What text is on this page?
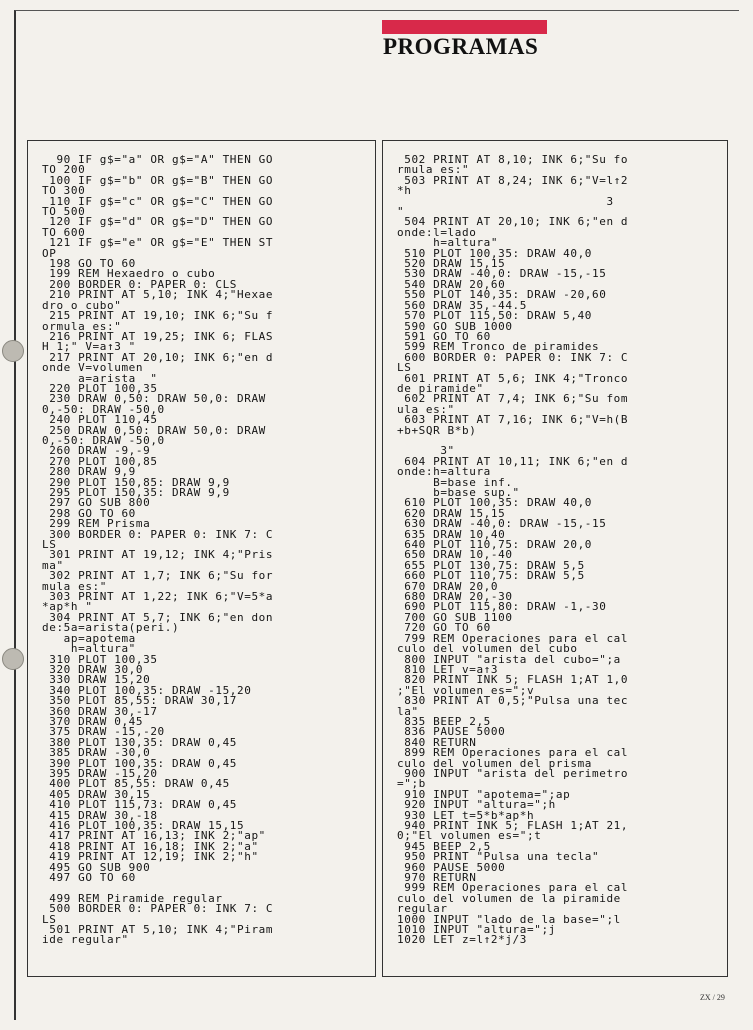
PROGRAMAS
90 IF g$="a" OR g$="A" THEN GO
TO 200
100 IF g$="b" OR g$="B" THEN GO
TO 300
110 IF g$="c" OR g$="C" THEN GO
TO 500
120 IF g$="d" OR g$="D" THEN GO
TO 600
121 IF g$="e" OR g$="E" THEN ST
OP
198 GO TO 60
199 REM Hexaedro o cubo
200 BORDER 0: PAPER 0: CLS
210 PRINT AT 5,10; INK 4;"Hexae
dro o cubo"
215 PRINT AT 19,10; INK 6;"Su f
ormula es:"
216 PRINT AT 19,25; INK 6; FLAS
H 1;" V=a↑3 "
217 PRINT AT 20,10; INK 6;"en d
onde V=volumen
a=arista  "
220 PLOT 100,35
230 DRAW 0,50: DRAW 50,0: DRAW
0,-50: DRAW -50,0
240 PLOT 110,45
250 DRAW 0,50: DRAW 50,0: DRAW
0,-50: DRAW -50,0
260 DRAW -9,-9
270 PLOT 100,85
280 DRAW 9,9
290 PLOT 150,85: DRAW 9,9
295 PLOT 150,35: DRAW 9,9
297 GO SUB 800
298 GO TO 60
299 REM Prisma
300 BORDER 0: PAPER 0: INK 7: C
LS
301 PRINT AT 19,12; INK 4;"Pris
ma"
302 PRINT AT 1,7; INK 6;"Su for
mula es:"
303 PRINT AT 1,22; INK 6;"V=5*a
*ap*h "
304 PRINT AT 5,7; INK 6;"en don
de:5a=arista(peri.)
ap=apotema
h=altura"
310 PLOT 100,35
320 DRAW 30,0
330 DRAW 15,20
340 PLOT 100,35: DRAW -15,20
350 PLOT 85,55: DRAW 30,17
360 DRAW 30,-17
370 DRAW 0,45
375 DRAW -15,-20
380 PLOT 130,35: DRAW 0,45
385 DRAW -30,0
390 PLOT 100,35: DRAW 0,45
395 DRAW -15,20
400 PLOT 85,55: DRAW 0,45
405 DRAW 30,15
410 PLOT 115,73: DRAW 0,45
415 DRAW 30,-18
416 PLOT 100,35: DRAW 15,15
417 PRINT AT 16,13; INK 2;"ap"
418 PRINT AT 16,18; INK 2;"a"
419 PRINT AT 12,19; INK 2;"h"
495 GO SUB 900
497 GO TO 60

499 REM Piramide regular
500 BORDER 0: PAPER 0: INK 7: C
LS
501 PRINT AT 5,10; INK 4;"Piram
ide regular"
502 PRINT AT 8,10; INK 6;"Su fo
rmula es:"
503 PRINT AT 8,24; INK 6;"V=l↑2
*h
3
"
504 PRINT AT 20,10; INK 6;"en d
onde:l=lado
h=altura"
510 PLOT 100,35: DRAW 40,0
520 DRAW 15,15
530 DRAW -40,0: DRAW -15,-15
540 DRAW 20,60
550 PLOT 140,35: DRAW -20,60
560 DRAW 35,-44.5
570 PLOT 115,50: DRAW 5,40
590 GO SUB 1000
591 GO TO 60
599 REM Tronco de piramides
600 BORDER 0: PAPER 0: INK 7: C
LS
601 PRINT AT 5,6; INK 4;"Tronco
de piramide"
602 PRINT AT 7,4; INK 6;"Su fom
ula es:"
603 PRINT AT 7,16; INK 6;"V=h(B
+b+SQR B*b)

3"
604 PRINT AT 10,11; INK 6;"en d
onde:h=altura
B=base inf.
b=base sup."
610 PLOT 100,35: DRAW 40,0
620 DRAW 15,15
630 DRAW -40,0: DRAW -15,-15
635 DRAW 10,40
640 PLOT 110,75: DRAW 20,0
650 DRAW 10,-40
655 PLOT 130,75: DRAW 5,5
660 PLOT 110,75: DRAW 5,5
670 DRAW 20,0
680 DRAW 20,-30
690 PLOT 115,80: DRAW -1,-30
700 GO SUB 1100
720 GO TO 60
799 REM Operaciones para el cal
culo del volumen del cubo
800 INPUT "arista del cubo=";a
810 LET v=a↑3
820 PRINT INK 5; FLASH 1;AT 1,0
;"El volumen es=";v
830 PRINT AT 0,5;"Pulsa una tec
la"
835 BEEP 2,5
836 PAUSE 5000
840 RETURN
899 REM Operaciones para el cal
culo del volumen del prisma
900 INPUT "arista del perimetro
=";b
910 INPUT "apotema=";ap
920 INPUT "altura=";h
930 LET t=5*b*ap*h
940 PRINT INK 5; FLASH 1;AT 21,
0;"El volumen es=";t
945 BEEP 2,5
950 PRINT "Pulsa una tecla"
960 PAUSE 5000
970 RETURN
999 REM Operaciones para el cal
culo del volumen de la piramide
regular
1000 INPUT "lado de la base=";l
1010 INPUT "altura=";j
1020 LET z=l↑2*j/3
ZX / 29
